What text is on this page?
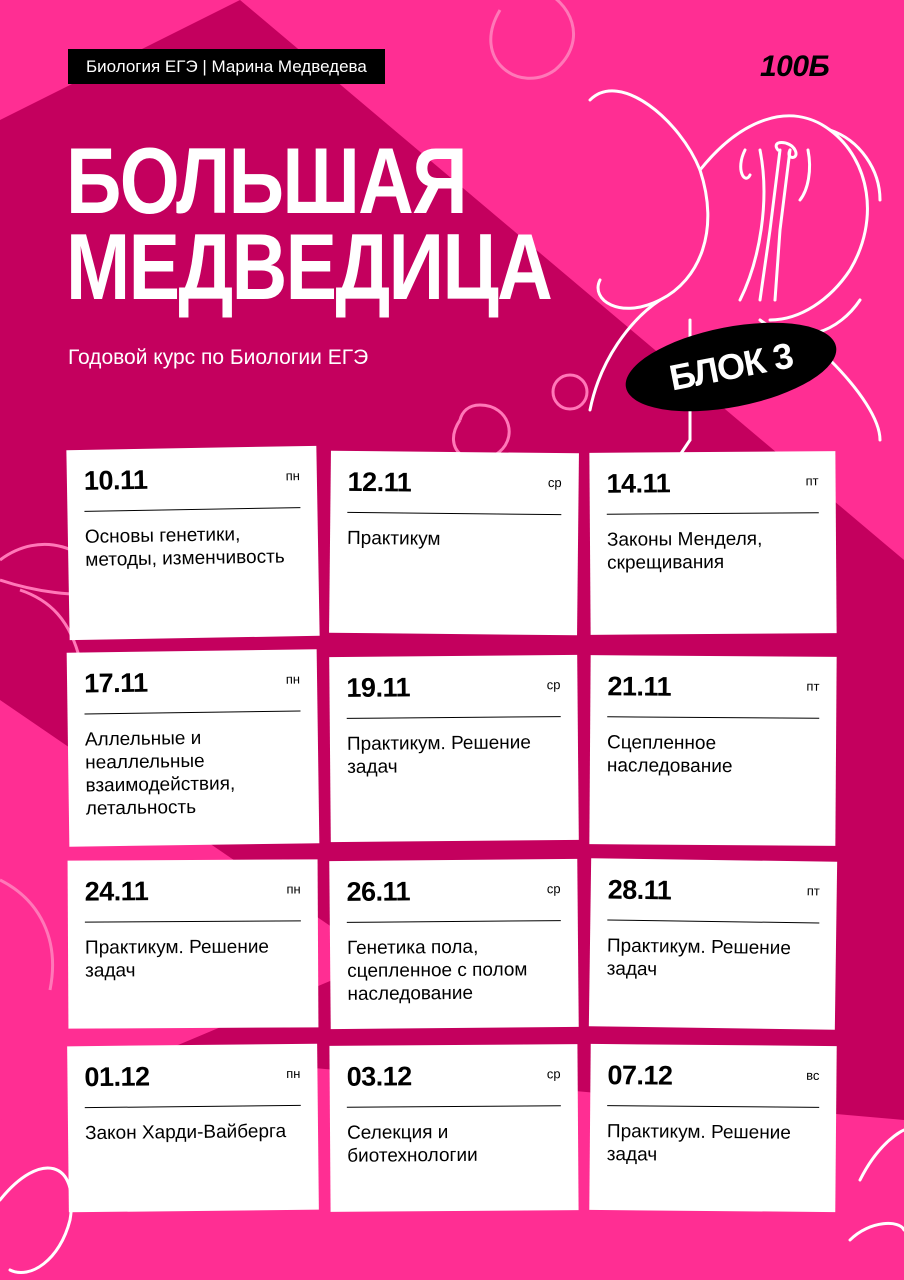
Биология ЕГЭ | Марина Медведева	100Б
БОЛЬШАЯ
МЕДВЕДИЦА
Годовой курс по Биологии ЕГЭ	БЛОК 3
10.11	пн
Основы генетики, методы, изменчивость
12.11	ср
Практикум
14.11	пт
Законы Менделя, скрещивания
17.11	пн
Аллельные и неаллельные взаимодействия, летальность
19.11	ср
Практикум. Решение задач
21.11	пт
Сцепленное наследование
24.11	пн
Практикум. Решение задач
26.11	ср
Генетика пола, сцепленное с полом наследование
28.11	пт
Практикум. Решение задач
01.12	пн
Закон Харди-Вайберга
03.12	ср
Селекция и биотехнологии
07.12	вс
Практикум. Решение задач
